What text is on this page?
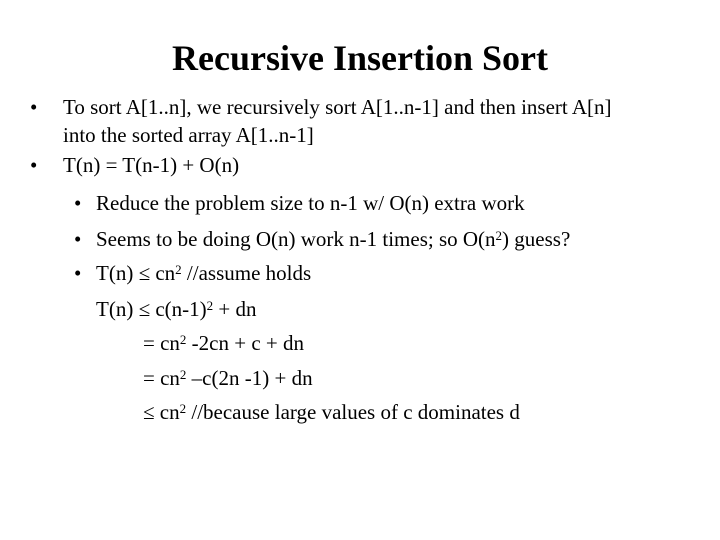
Recursive Insertion Sort
• To sort A[1..n], we recursively sort A[1..n-1] and then insert A[n]
into the sorted array A[1..n-1]
• T(n) = T(n-1) + O(n)
• Reduce the problem size to n-1 w/ O(n) extra work
• Seems to be doing O(n) work n-1 times; so $O(n^2)$ guess?
• $T(n) \le cn^2$ //assume holds
$T(n) \le c(n-1)^2$ + dn
= $cn^2$ -2cn + c + dn
= $cn^2$ –c(2n -1) + dn
≤ $cn^2$ //because large values of c dominates d
